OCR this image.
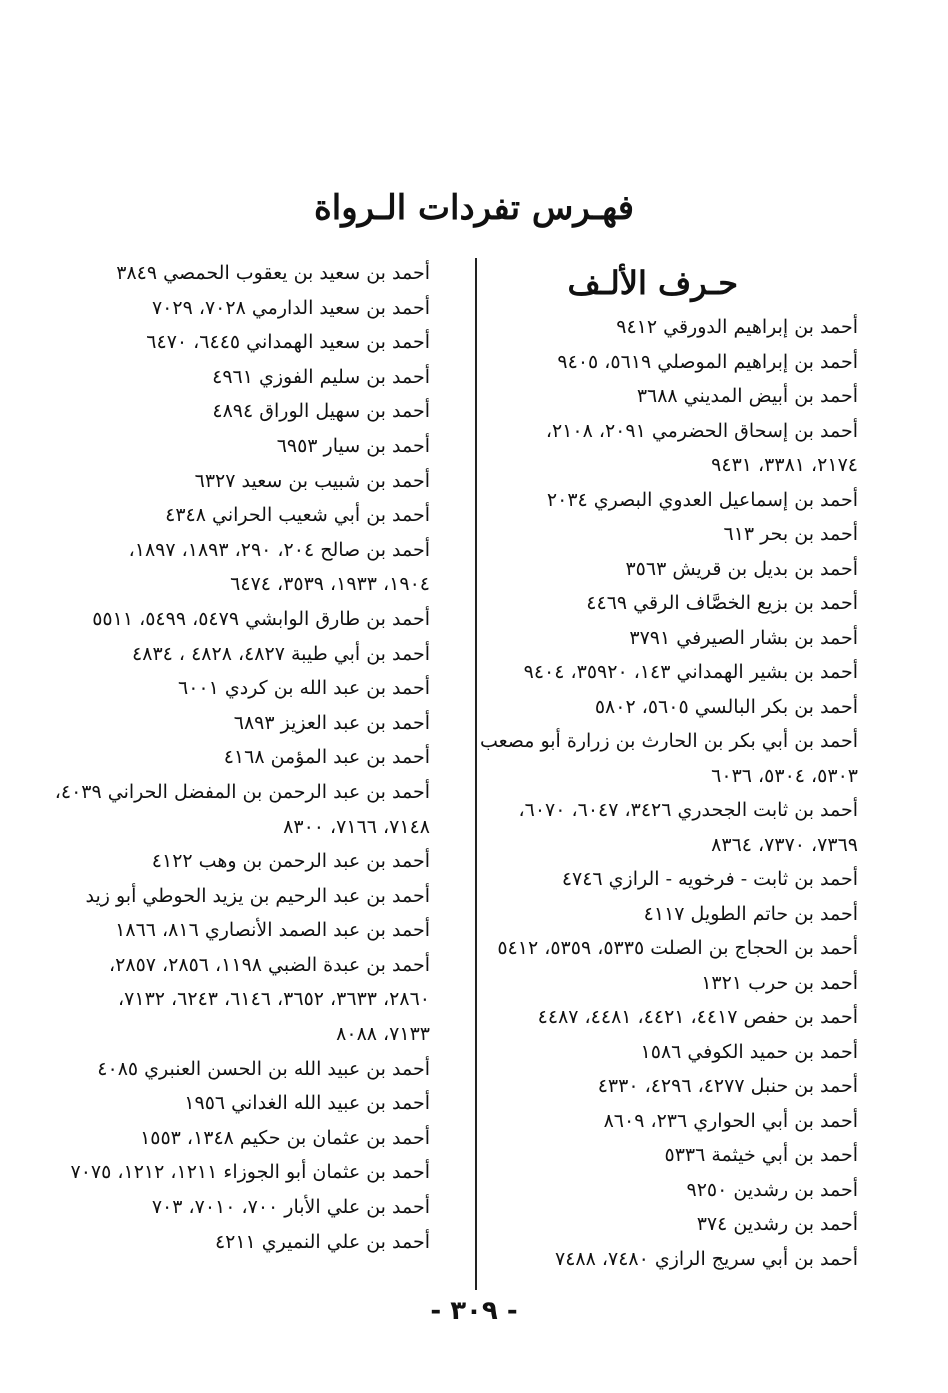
فهـرس تفردات الـرواة
حـرف الألـف
أحمد بن إبراهيم الدورقي ٩٤١٢
أحمد بن إبراهيم الموصلي ٥٦١٩، ٩٤٠٥
أحمد بن أبيض المديني ٣٦٨٨
أحمد بن إسحاق الحضرمي ٢٠٩١، ٢١٠٨،
٢١٧٤، ٣٣٨١، ٩٤٣١
أحمد بن إسماعيل العدوي البصري ٢٠٣٤
أحمد بن بحر ٦١٣
أحمد بن بديل بن قريش ٣٥٦٣
أحمد بن بزيع الخصَّاف الرقي ٤٤٦٩
أحمد بن بشار الصيرفي ٣٧٩١
أحمد بن بشير الهمداني ١٤٣، ٣٥٩٢٠، ٩٤٠٤
أحمد بن بكر البالسي ٥٦٠٥، ٥٨٠٢
أحمد بن أبي بكر بن الحارث بن زرارة أبو مصعب
٥٣٠٣، ٥٣٠٤، ٦٠٣٦
أحمد بن ثابت الجحدري ٣٤٢٦، ٦٠٤٧، ٦٠٧٠،
٧٣٦٩، ٧٣٧٠، ٨٣٦٤
أحمد بن ثابت - فرخويه - الرازي ٤٧٤٦
أحمد بن حاتم الطويل ٤١١٧
أحمد بن الحجاج بن الصلت ٥٣٣٥، ٥٣٥٩، ٥٤١٢
أحمد بن حرب ١٣٢١
أحمد بن حفص ٤٤١٧، ٤٤٢١، ٤٤٨١، ٤٤٨٧
أحمد بن حميد الكوفي ١٥٨٦
أحمد بن حنبل ٤٢٧٧، ٤٢٩٦، ٤٣٣٠
أحمد بن أبي الحواري ٢٣٦، ٨٦٠٩
أحمد بن أبي خيثمة ٥٣٣٦
أحمد بن رشدين ٩٢٥٠
أحمد بن رشدين ٣٧٤
أحمد بن أبي سريج الرازي ٧٤٨٠، ٧٤٨٨
أحمد بن سعيد بن يعقوب الحمصي ٣٨٤٩
أحمد بن سعيد الدارمي ٧٠٢٨، ٧٠٢٩
أحمد بن سعيد الهمداني ٦٤٤٥، ٦٤٧٠
أحمد بن سليم الفوزي ٤٩٦١
أحمد بن سهيل الوراق ٤٨٩٤
أحمد بن سيار ٦٩٥٣
أحمد بن شبيب بن سعيد ٦٣٢٧
أحمد بن أبي شعيب الحراني ٤٣٤٨
أحمد بن صالح ٢٠٤، ٢٩٠، ١٨٩٣، ١٨٩٧،
١٩٠٤، ١٩٣٣، ٣٥٣٩، ٦٤٧٤
أحمد بن طارق الوابشي ٥٤٧٩، ٥٤٩٩، ٥٥١١
أحمد بن أبي طيبة ٤٨٢٧، ٤٨٢٨ ، ٤٨٣٤
أحمد بن عبد الله بن كردي ٦٠٠١
أحمد بن عبد العزيز ٦٨٩٣
أحمد بن عبد المؤمن ٤١٦٨
أحمد بن عبد الرحمن بن المفضل الحراني ٤٠٣٩،
٧١٤٨، ٧١٦٦، ٨٣٠٠
أحمد بن عبد الرحمن بن وهب ٤١٢٢
أحمد بن عبد الرحيم بن يزيد الحوطي أبو زيد
أحمد بن عبد الصمد الأنصاري ٨١٦، ١٨٦٦
أحمد بن عبدة الضبي ١١٩٨، ٢٨٥٦، ٢٨٥٧،
٢٨٦٠، ٣٦٣٣، ٣٦٥٢، ٦١٤٦، ٦٢٤٣، ٧١٣٢،
٧١٣٣، ٨٠٨٨
أحمد بن عبيد الله بن الحسن العنبري ٤٠٨٥
أحمد بن عبيد الله الغداني ١٩٥٦
أحمد بن عثمان بن حكيم ١٣٤٨، ١٥٥٣
أحمد بن عثمان أبو الجوزاء ١٢١١، ١٢١٢، ٧٠٧٥
أحمد بن علي الأبار ٧٠٠، ٧٠١٠، ٧٠٣
أحمد بن علي النميري ٤٢١١
- ٣٠٩ -
